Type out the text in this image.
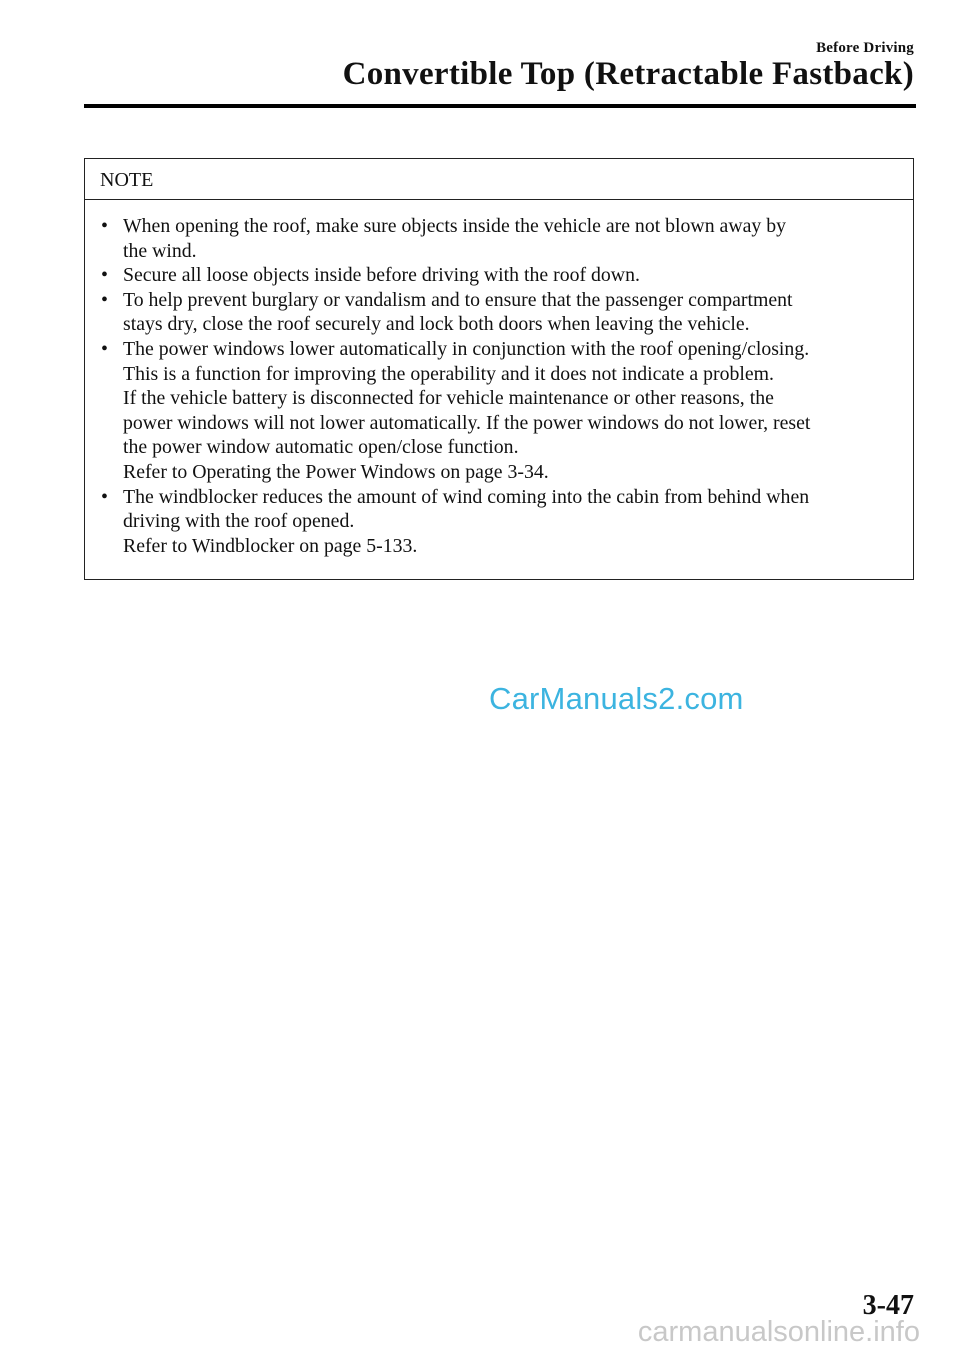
Before Driving
Convertible Top (Retractable Fastback)
NOTE
• When opening the roof, make sure objects inside the vehicle are not blown away by
the wind.
• Secure all loose objects inside before driving with the roof down.
• To help prevent burglary or vandalism and to ensure that the passenger compartment
stays dry, close the roof securely and lock both doors when leaving the vehicle.
• The power windows lower automatically in conjunction with the roof opening/closing.
This is a function for improving the operability and it does not indicate a problem.
If the vehicle battery is disconnected for vehicle maintenance or other reasons, the
power windows will not lower automatically. If the power windows do not lower, reset
the power window automatic open/close function.
Refer to Operating the Power Windows on page 3-34.
• The windblocker reduces the amount of wind coming into the cabin from behind when
driving with the roof opened.
Refer to Windblocker on page 5-133.
CarManuals2.com
3-47
carmanualsonline.info
